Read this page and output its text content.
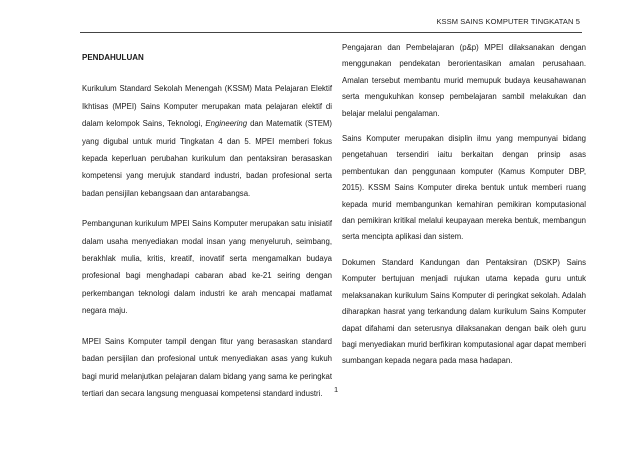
KSSM SAINS KOMPUTER TINGKATAN 5
PENDAHULUAN

Kurikulum Standard Sekolah Menengah (KSSM) Mata Pelajaran Elektif Ikhtisas (MPEI) Sains Komputer merupakan mata pelajaran elektif di dalam kelompok Sains, Teknologi, Engineering dan Matematik (STEM) yang digubal untuk murid Tingkatan 4 dan 5. MPEI memberi fokus kepada keperluan perubahan kurikulum dan pentaksiran berasaskan kompetensi yang merujuk standard industri, badan profesional serta badan pensijilan kebangsaan dan antarabangsa.

Pembangunan kurikulum MPEI Sains Komputer merupakan satu inisiatif dalam usaha menyediakan modal insan yang menyeluruh, seimbang, berakhlak mulia, kritis, kreatif, inovatif serta mengamalkan budaya profesional bagi menghadapi cabaran abad ke-21 seiring dengan perkembangan teknologi dalam industri ke arah mencapai matlamat negara maju.

MPEI Sains Komputer tampil dengan fitur yang berasaskan standard badan persijilan dan profesional untuk menyediakan asas yang kukuh bagi murid melanjutkan pelajaran dalam bidang yang sama ke peringkat tertiari dan secara langsung menguasai kompetensi standard industri.

Pengajaran dan Pembelajaran (p&p) MPEI dilaksanakan dengan menggunakan pendekatan berorientasikan amalan perusahaan. Amalan tersebut membantu murid memupuk budaya keusahawanan serta mengukuhkan konsep pembelajaran sambil melakukan dan belajar melalui pengalaman.

Sains Komputer merupakan disiplin ilmu yang mempunyai bidang pengetahuan tersendiri iaitu berkaitan dengan prinsip asas pembentukan dan penggunaan komputer (Kamus Komputer DBP, 2015). KSSM Sains Komputer direka bentuk untuk memberi ruang kepada murid membangunkan kemahiran pemikiran komputasional dan pemikiran kritikal melalui keupayaan mereka bentuk, membangun serta mencipta aplikasi dan sistem.

Dokumen Standard Kandungan dan Pentaksiran (DSKP) Sains Komputer bertujuan menjadi rujukan utama kepada guru untuk melaksanakan kurikulum Sains Komputer di peringkat sekolah. Adalah diharapkan hasrat yang terkandung dalam kurikulum Sains Komputer dapat difahami dan seterusnya dilaksanakan dengan baik oleh guru bagi menyediakan murid berfikiran komputasional agar dapat memberi sumbangan kepada negara pada masa hadapan.

1
